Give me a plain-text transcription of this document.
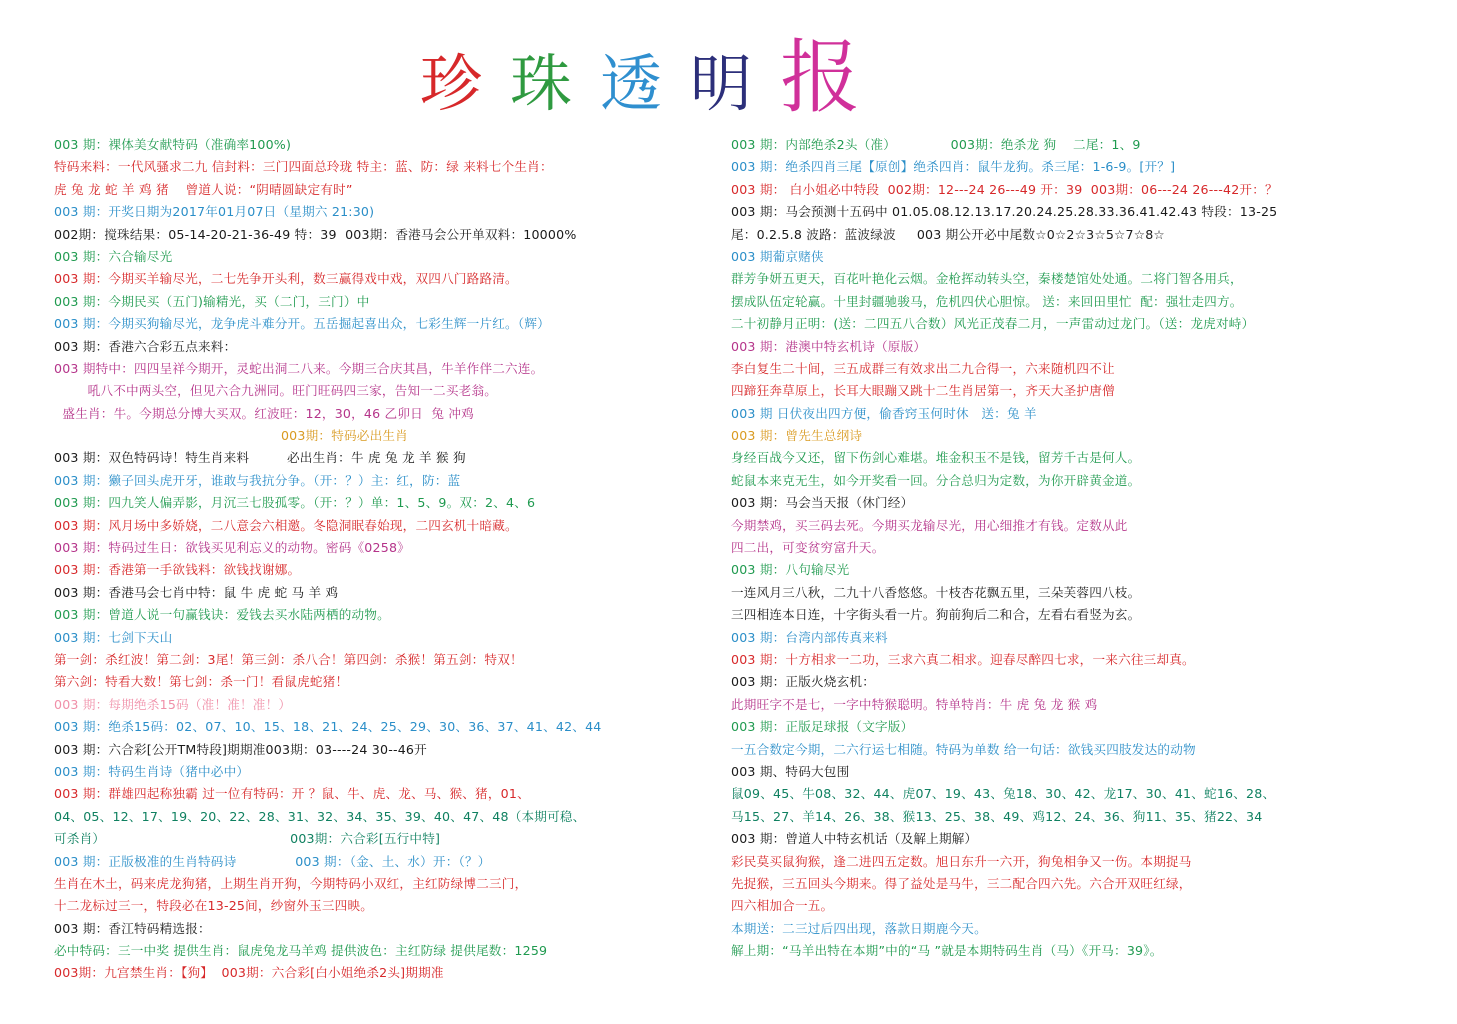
珍 珠 透 明 报
003 期：裸体美女献特码（准确率100%)
特码来料：一代风骚求二九 信封料：三门四面总玲珑 特主：蓝、防：绿 来料七个生肖：
虎 兔 龙 蛇 羊 鸡 猪    曾道人说：“阴晴圆缺定有时”
003 期：开奖日期为2017年01月07日（星期六 21:30)
002期：搅珠结果：05-14-20-21-36-49 特：39  003期：香港马会公开单双料：10000%
003 期：六合输尽光
003 期：今期买羊输尽光，二七先争开头利，数三赢得戏中戏，双四八门路路清。
003 期：今期民买（五门)输精光，买（二门，三门）中
003 期：今期买狗输尽光，龙争虎斗难分开。五岳掘起喜出众，七彩生辉一片红。（辉）
003 期：香港六合彩五点来料：
003 期特中：四四呈祥今期开，灵蛇出洞二八来。今期三合庆其昌，牛羊作伴二六连。
吼八不中两头空，但见六合九洲同。旺门旺码四三家，告知一二买老翁。
盛生肖：牛。今期总分博大买双。红波旺：12，30，46 乙卯日  兔 冲鸡
003期：特码必出生肖
003 期：双色特码诗！特生肖来料         必出生肖：牛 虎 兔 龙 羊 猴 狗
003 期：獭子回头虎开牙，谁敢与我抗分争。（开：？）主：红，防：蓝
003 期：四九笑人偏弄影，月沉三七股孤零。（开：？）单：1、5、9。双：2、4、6
003 期：风月场中多娇娆，二八意会六相邀。冬隐洞眠春始现，二四玄机十暗藏。
003 期：特码过生日：欲钱买见利忘义的动物。密码《0258》
003 期：香港第一手欲钱料：欲钱找谢娜。
003 期：香港马会七肖中特：鼠 牛 虎 蛇 马 羊 鸡
003 期：曾道人说一句赢钱诀：爱钱去买水陆两栖的动物。
003 期：七剑下天山
第一剑：杀红波！第二剑：3尾！第三剑：杀八合！第四剑：杀猴！第五剑：特双！
第六剑：特看大数！第七剑：杀一门！看鼠虎蛇猪！
003 期：每期绝杀15码（准！准！准！）
003 期：绝杀15码：02、07、10、15、18、21、24、25、29、30、36、37、41、42、44
003 期：六合彩[公开TM特段]期期准003期：03----24 30--46开
003 期：特码生肖诗（猪中必中）
003 期：群雄四起称独霸 过一位有特码：开 ？鼠、牛、虎、龙、马、猴、猪，01、
04、05、12、17、19、20、22、28、31、32、34、35、39、40、47、48（本期可稳、
可杀肖）                                            003期：六合彩[五行中特]
003 期：正版极准的生肖特码诗              003 期：（金、土、水）开：（？）
生肖在木土，码来虎龙狗猪，上期生肖开狗，今期特码小双红，主红防绿博二三门，
十二龙标过三一，特段必在13-25间，纱窗外玉三四映。
003 期：香江特码精选报：
必中特码：三一中奖 提供生肖：鼠虎兔龙马羊鸡 提供波色：主红防绿 提供尾数：1259
003期：九宫禁生肖：【狗】  003期：六合彩[白小姐绝杀2头]期期准
003 期：内部绝杀2头（准）             003期：绝杀龙 狗    二尾：1、9
003 期：绝杀四肖三尾【原创】绝杀四肖：鼠牛龙狗。杀三尾：1-6-9。[开？]
003 期： 白小姐必中特段  002期：12---24 26---49 开：39  003期：06---24 26---42开：？
003 期：马会预测十五码中 01.05.08.12.13.17.20.24.25.28.33.36.41.42.43 特段：13-25
尾：0.2.5.8 波路：蓝波绿波     003 期公开必中尾数☆0☆2☆3☆5☆7☆8☆
003 期葡京赌侠
群芳争妍五更天，百花叶艳化云烟。金枪挥动转头空，秦楼楚馆处处通。二将门智各用兵，
摆成队伍定轮赢。十里封疆驰骏马，危机四伏心胆惊。 送：来回田里忙  配：强壮走四方。
二十初静月正明：(送：二四五八合数）风光正茂春二月，一声雷动过龙门。（送：龙虎对峙）
003 期：港澳中特玄机诗（原版）
李白复生二十间，三五成群三有效求出二九合得一，六来随机四不让
四蹄狂奔草原上，长耳大眼蹦又跳十二生肖居第一，齐天大圣护唐僧
003 期 日伏夜出四方便，偷香窍玉何时休   送：兔 羊
003 期：曾先生总纲诗
身经百战今又还，留下伤剑心难堪。堆金积玉不是钱，留芳千古是何人。
蛇鼠本来克无生，如今开奖看一回。分合总归为定数，为你开辟黄金道。
003 期：马会当天报（休门经）
今期禁鸡，买三码去死。今期买龙输尽光，用心细推才有钱。定数从此
四二出，可变贫穷富升天。
003 期：八句输尽光
一连风月三八秋，二九十八香悠悠。十枝杏花飘五里，三朵芙蓉四八枝。
三四相连本日连，十字街头看一片。狗前狗后二和合，左看右看竖为玄。
003 期：台湾内部传真来料
003 期：十方相求一二功，三求六真二相求。迎春尽醉四七求，一来六往三却真。
003 期：正版火烧玄机：
此期旺字不是七，一字中特猴聪明。特单特肖：牛 虎 兔 龙 猴 鸡
003 期：正版足球报（文字版）
一五合数定今期，二六行运七相随。特码为单数 给一句话：欲钱买四肢发达的动物
003 期、特码大包围
鼠09、45、牛08、32、44、虎07、19、43、兔18、30、42、龙17、30、41、蛇16、28、
马15、27、羊14、26、38、猴13、25、38、49、鸡12、24、36、狗11、35、猪22、34
003 期：曾道人中特玄机话（及解上期解）
彩民莫买鼠狗猴，逢二进四五定数。旭日东升一六开，狗兔相争又一伤。本期捉马
先捉猴，三五回头今期来。得了益处是马牛，三二配合四六先。六合开双旺红绿，
四六相加合一五。
本期送：二三过后四出现，落款日期鹿今天。
解上期：“马羊出特在本期”中的“马 ”就是本期特码生肖（马）《开马：39》。
